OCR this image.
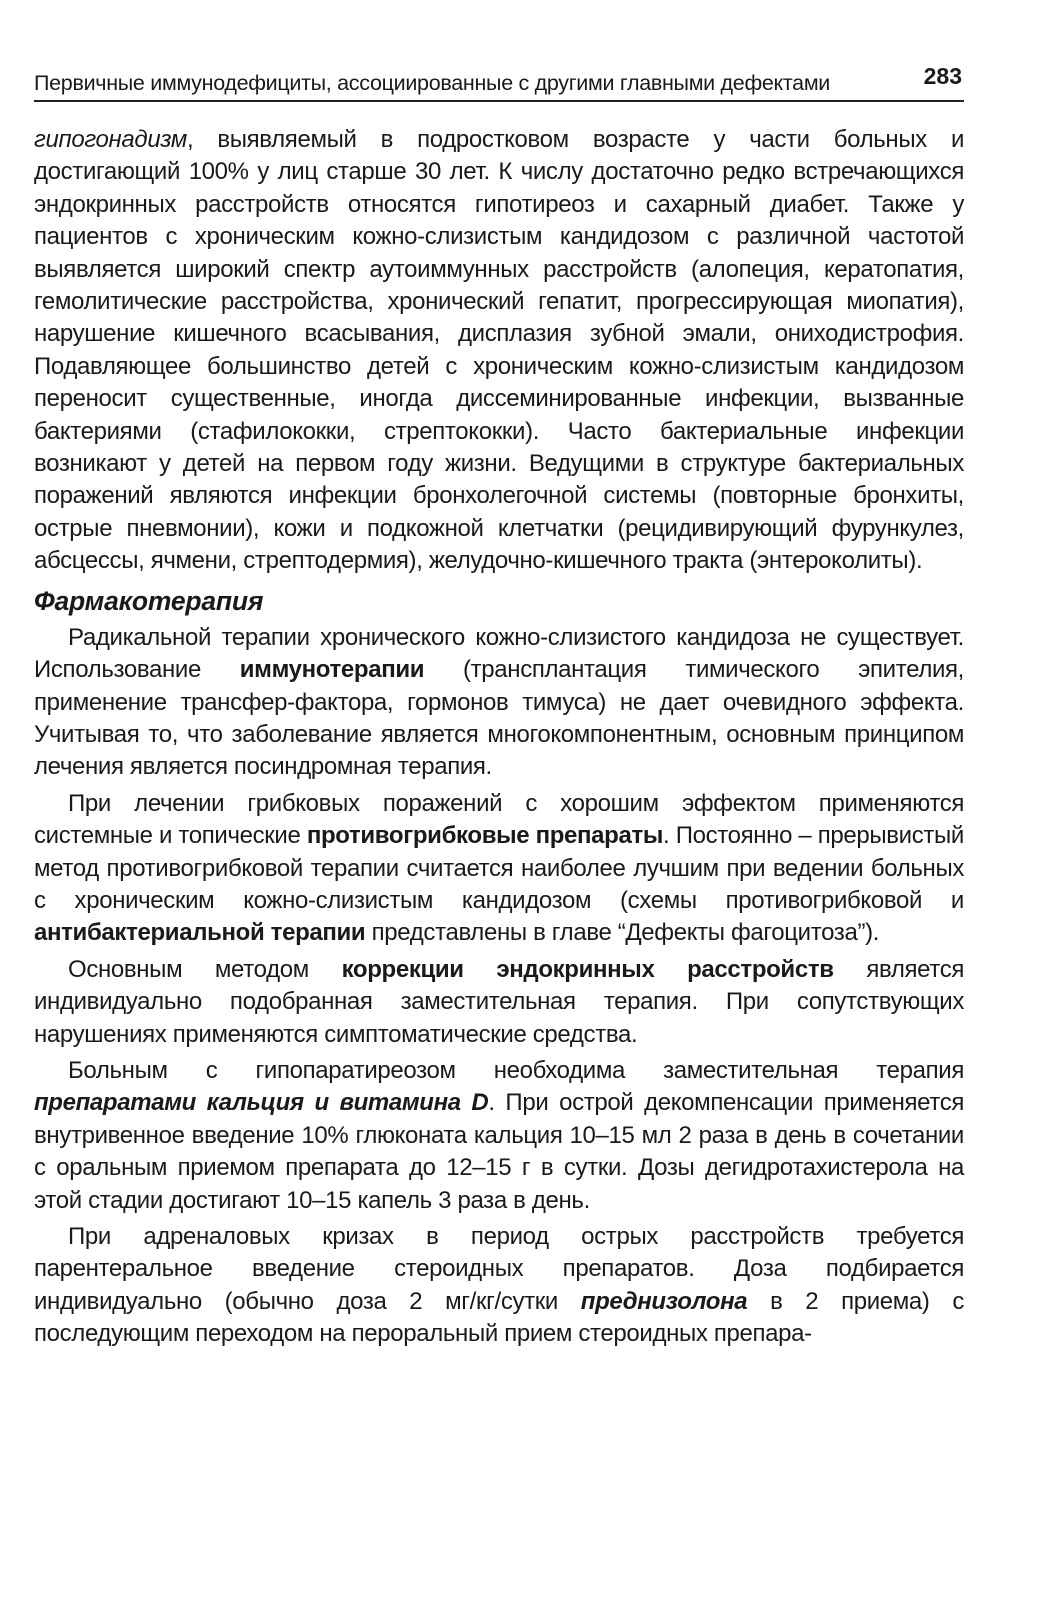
Первичные иммунодефициты, ассоциированные с другими главными дефектами	283

гипогонадизм, выявляемый в подростковом возрасте у части больных и достигающий 100% у лиц старше 30 лет. К числу достаточно редко встречающихся эндокринных расстройств относятся гипотиреоз и сахарный диабет. Также у пациентов с хроническим кожно-слизистым кандидозом с различной частотой выявляется широкий спектр аутоиммунных расстройств (алопеция, кератопатия, гемолитические расстройства, хронический гепатит, прогрессирующая миопатия), нарушение кишечного всасывания, дисплазия зубной эмали, ониходистрофия. Подавляющее большинство детей с хроническим кожно-слизистым кандидозом переносит существенные, иногда диссеминированные инфекции, вызванные бактериями (стафилококки, стрептококки). Часто бактериальные инфекции возникают у детей на первом году жизни. Ведущими в структуре бактериальных поражений являются инфекции бронхолегочной системы (повторные бронхиты, острые пневмонии), кожи и подкожной клетчатки (рецидивирующий фурункулез, абсцессы, ячмени, стрептодермия), желудочно-кишечного тракта (энтероколиты).

Фармакотерапия

Радикальной терапии хронического кожно-слизистого кандидоза не существует. Использование иммунотерапии (трансплантация тимического эпителия, применение трансфер-фактора, гормонов тимуса) не дает очевидного эффекта. Учитывая то, что заболевание является многокомпонентным, основным принципом лечения является посиндромная терапия.

При лечении грибковых поражений с хорошим эффектом применяются системные и топические противогрибковые препараты. Постоянно – прерывистый метод противогрибковой терапии считается наиболее лучшим при ведении больных с хроническим кожно-слизистым кандидозом (схемы противогрибковой и антибактериальной терапии представлены в главе “Дефекты фагоцитоза”).

Основным методом коррекции эндокринных расстройств является индивидуально подобранная заместительная терапия. При сопутствующих нарушениях применяются симптоматические средства.

Больным с гипопаратиреозом необходима заместительная терапия препаратами кальция и витамина D. При острой декомпенсации применяется внутривенное введение 10% глюконата кальция 10–15 мл 2 раза в день в сочетании с оральным приемом препарата до 12–15 г в сутки. Дозы дегидротахистерола на этой стадии достигают 10–15 капель 3 раза в день.

При адреналовых кризах в период острых расстройств требуется парентеральное введение стероидных препаратов. Доза подбирается индивидуально (обычно доза 2 мг/кг/сутки преднизолона в 2 приема) с последующим переходом на пероральный прием стероидных препара-
